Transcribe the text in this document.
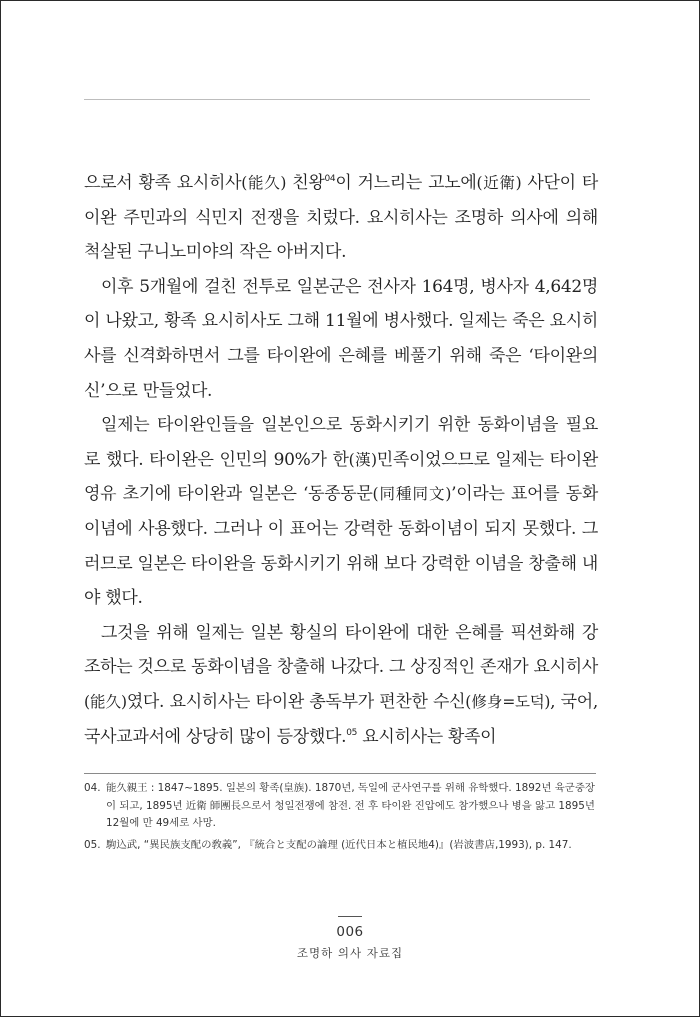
으로서 황족 요시히사(能久) 친왕$^{04}$이 거느리는 고노에(近衛) 사단이 타이완 주민과의 식민지 전쟁을 치렀다. 요시히사는 조명하 의사에 의해 척살된 구니노미야의 작은 아버지다.

이후 5개월에 걸친 전투로 일본군은 전사자 164명, 병사자 4,642명이 나왔고, 황족 요시히사도 그해 11월에 병사했다. 일제는 죽은 요시히사를 신격화하면서 그를 타이완에 은혜를 베풀기 위해 죽은 ‘타이완의 신’으로 만들었다.

일제는 타이완인들을 일본인으로 동화시키기 위한 동화이념을 필요로 했다. 타이완은 인민의 90%가 한(漢)민족이었으므로 일제는 타이완 영유 초기에 타이완과 일본은 ‘동종동문(同種同文)’이라는 표어를 동화이념에 사용했다. 그러나 이 표어는 강력한 동화이념이 되지 못했다. 그러므로 일본은 타이완을 동화시키기 위해 보다 강력한 이념을 창출해 내야 했다.

그것을 위해 일제는 일본 황실의 타이완에 대한 은혜를 픽션화해 강조하는 것으로 동화이념을 창출해 나갔다. 그 상징적인 존재가 요시히사(能久)였다. 요시히사는 타이완 총독부가 편찬한 수신(修身=도덕), 국어, 국사교과서에 상당히 많이 등장했다.$^{05}$ 요시히사는 황족이

04. 能久親王 : 1847~1895. 일본의 황족(皇族). 1870년, 독일에 군사연구를 위해 유학했다. 1892년 육군중장이 되고, 1895년 近衛 師團長으로서 청일전쟁에 참전. 전 후 타이완 진압에도 참가했으나 병을 앓고 1895년 12월에 만 49세로 사망.
05. 駒込武, “異民族支配の敎義”, 『統合と支配の論理 (近代日本と植民地4)』(岩波書店,1993), p. 147.
006
조명하 의사 자료집
